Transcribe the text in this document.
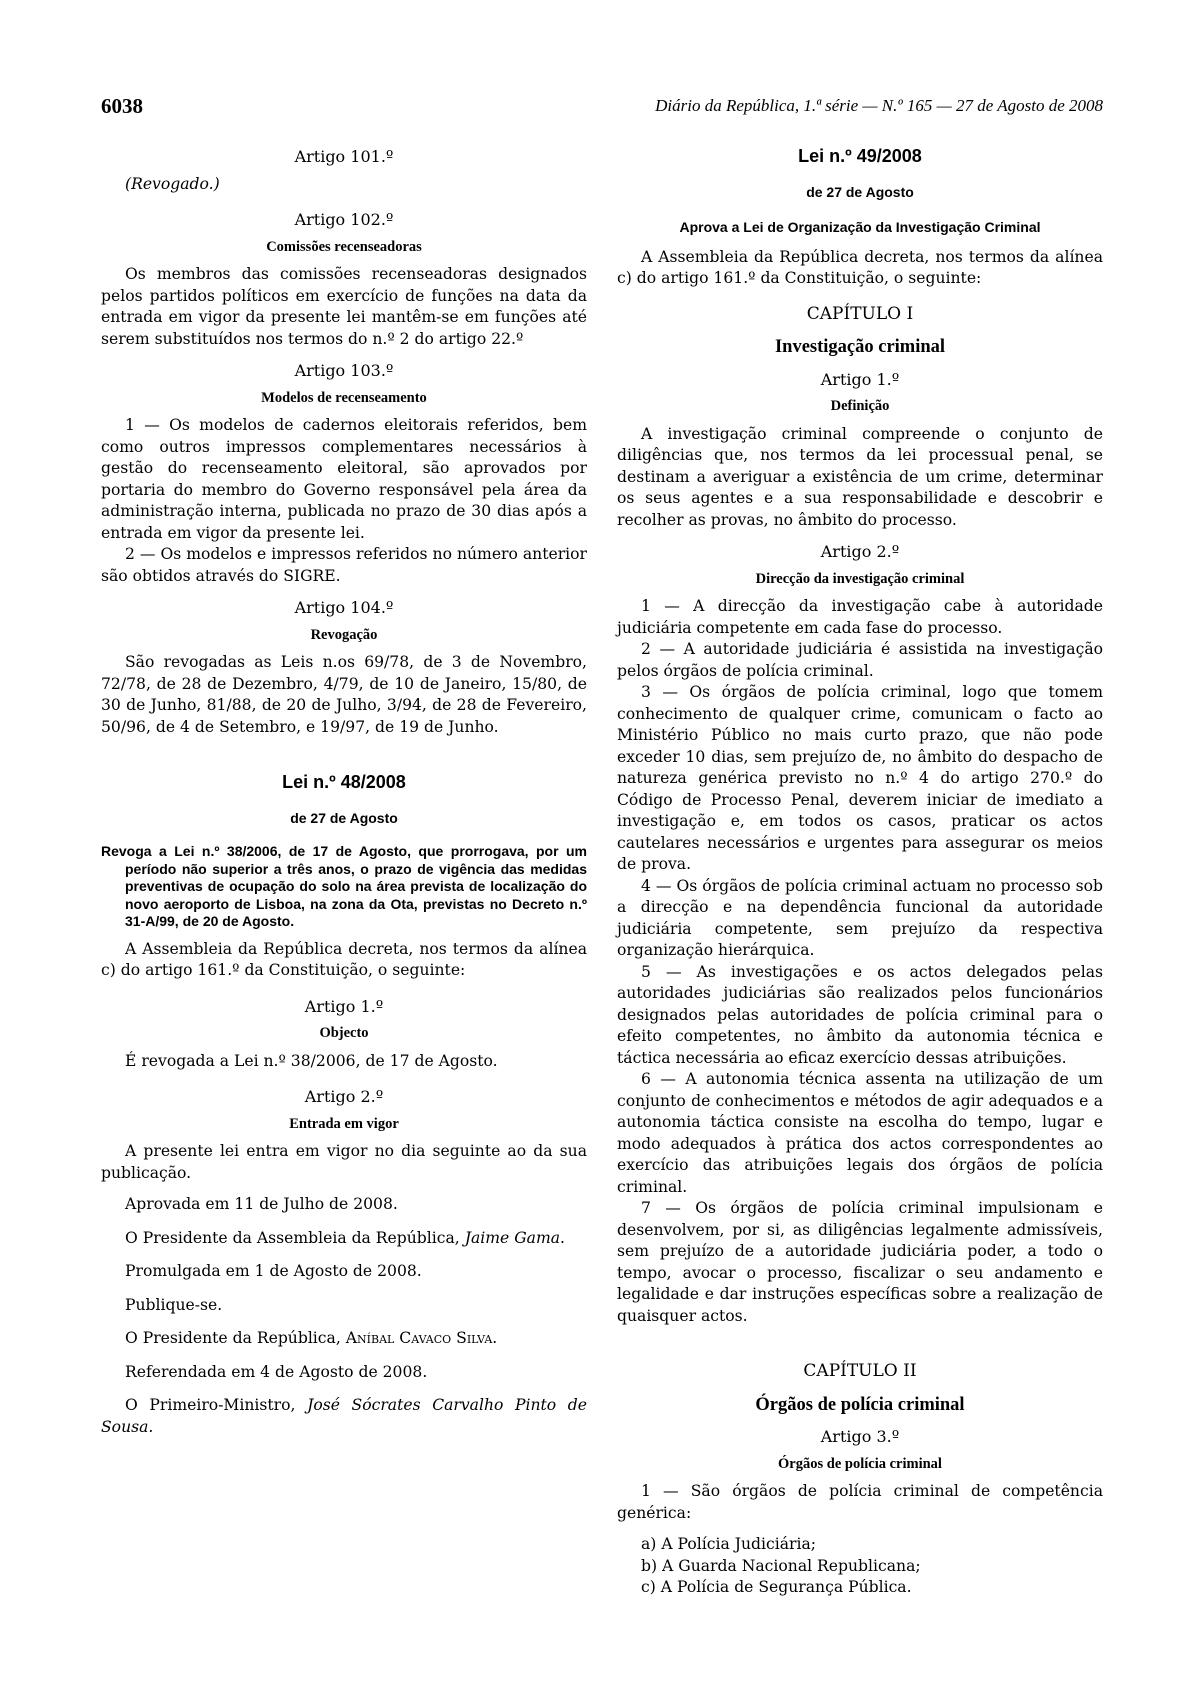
6038	Diário da República, 1.ª série — N.º 165 — 27 de Agosto de 2008
Artigo 101.º

(Revogado.)

Artigo 102.º
Comissões recenseadoras

Os membros das comissões recenseadoras designados pelos partidos políticos em exercício de funções na data da entrada em vigor da presente lei mantêm-se em funções até serem substituídos nos termos do n.º 2 do artigo 22.º

Artigo 103.º
Modelos de recenseamento

1 — Os modelos de cadernos eleitorais referidos, bem como outros impressos complementares necessários à gestão do recenseamento eleitoral, são aprovados por portaria do membro do Governo responsável pela área da administração interna, publicada no prazo de 30 dias após a entrada em vigor da presente lei.

2 — Os modelos e impressos referidos no número anterior são obtidos através do SIGRE.

Artigo 104.º
Revogação

São revogadas as Leis n.os 69/78, de 3 de Novembro, 72/78, de 28 de Dezembro, 4/79, de 10 de Janeiro, 15/80, de 30 de Junho, 81/88, de 20 de Julho, 3/94, de 28 de Fevereiro, 50/96, de 4 de Setembro, e 19/97, de 19 de Junho.

Lei n.º 48/2008
de 27 de Agosto

Revoga a Lei n.º 38/2006, de 17 de Agosto, que prorrogava, por um período não superior a três anos, o prazo de vigência das medidas preventivas de ocupação do solo na área prevista de localização do novo aeroporto de Lisboa, na zona da Ota, previstas no Decreto n.º 31-A/99, de 20 de Agosto.

A Assembleia da República decreta, nos termos da alínea c) do artigo 161.º da Constituição, o seguinte:

Artigo 1.º
Objecto

É revogada a Lei n.º 38/2006, de 17 de Agosto.

Artigo 2.º
Entrada em vigor

A presente lei entra em vigor no dia seguinte ao da sua publicação.

Aprovada em 11 de Julho de 2008.

O Presidente da Assembleia da República, Jaime Gama.

Promulgada em 1 de Agosto de 2008.

Publique-se.

O Presidente da República, Aníbal Cavaco Silva.

Referendada em 4 de Agosto de 2008.

O Primeiro-Ministro, José Sócrates Carvalho Pinto de Sousa.

Lei n.º 49/2008
de 27 de Agosto
Aprova a Lei de Organização da Investigação Criminal

A Assembleia da República decreta, nos termos da alínea c) do artigo 161.º da Constituição, o seguinte:

CAPÍTULO I
Investigação criminal
Artigo 1.º
Definição

A investigação criminal compreende o conjunto de diligências que, nos termos da lei processual penal, se destinam a averiguar a existência de um crime, determinar os seus agentes e a sua responsabilidade e descobrir e recolher as provas, no âmbito do processo.

Artigo 2.º
Direcção da investigação criminal

1 — A direcção da investigação cabe à autoridade judiciária competente em cada fase do processo.

2 — A autoridade judiciária é assistida na investigação pelos órgãos de polícia criminal.

3 — Os órgãos de polícia criminal, logo que tomem conhecimento de qualquer crime, comunicam o facto ao Ministério Público no mais curto prazo, que não pode exceder 10 dias, sem prejuízo de, no âmbito do despacho de natureza genérica previsto no n.º 4 do artigo 270.º do Código de Processo Penal, deverem iniciar de imediato a investigação e, em todos os casos, praticar os actos cautelares necessários e urgentes para assegurar os meios de prova.

4 — Os órgãos de polícia criminal actuam no processo sob a direcção e na dependência funcional da autoridade judiciária competente, sem prejuízo da respectiva organização hierárquica.

5 — As investigações e os actos delegados pelas autoridades judiciárias são realizados pelos funcionários designados pelas autoridades de polícia criminal para o efeito competentes, no âmbito da autonomia técnica e táctica necessária ao eficaz exercício dessas atribuições.

6 — A autonomia técnica assenta na utilização de um conjunto de conhecimentos e métodos de agir adequados e a autonomia táctica consiste na escolha do tempo, lugar e modo adequados à prática dos actos correspondentes ao exercício das atribuições legais dos órgãos de polícia criminal.

7 — Os órgãos de polícia criminal impulsionam e desenvolvem, por si, as diligências legalmente admissíveis, sem prejuízo de a autoridade judiciária poder, a todo o tempo, avocar o processo, fiscalizar o seu andamento e legalidade e dar instruções específicas sobre a realização de quaisquer actos.

CAPÍTULO II
Órgãos de polícia criminal
Artigo 3.º
Órgãos de polícia criminal

1 — São órgãos de polícia criminal de competência genérica:

a) A Polícia Judiciária;

b) A Guarda Nacional Republicana;

c) A Polícia de Segurança Pública.
